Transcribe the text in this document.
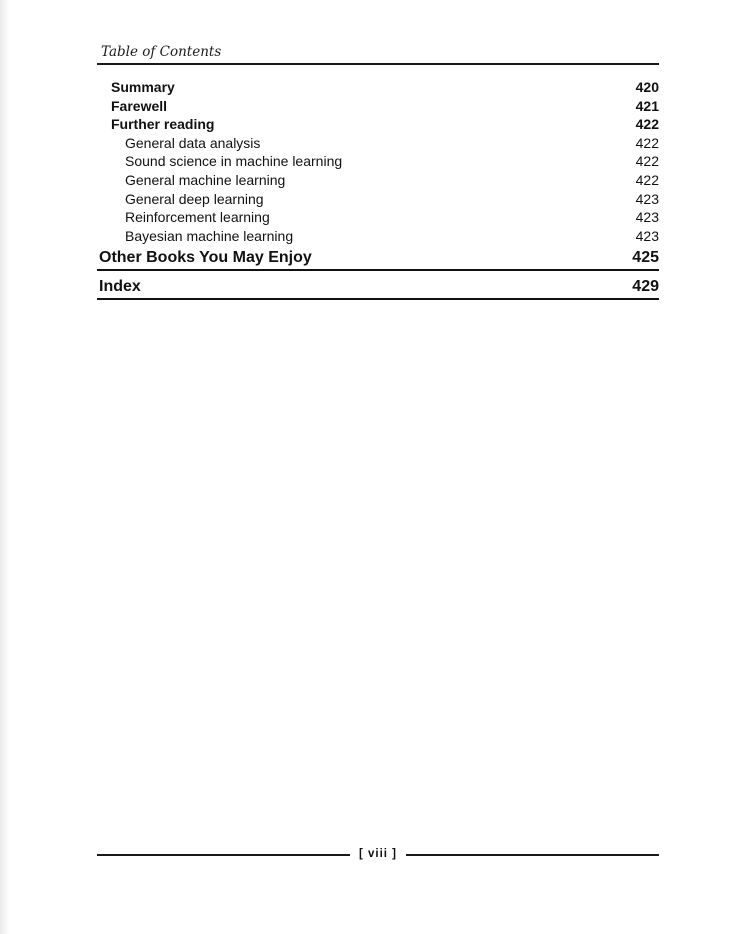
Table of Contents
Summary	420
Farewell	421
Further reading	422
General data analysis	422
Sound science in machine learning	422
General machine learning	422
General deep learning	423
Reinforcement learning	423
Bayesian machine learning	423
Other Books You May Enjoy	425
Index	429
[ viii ]
